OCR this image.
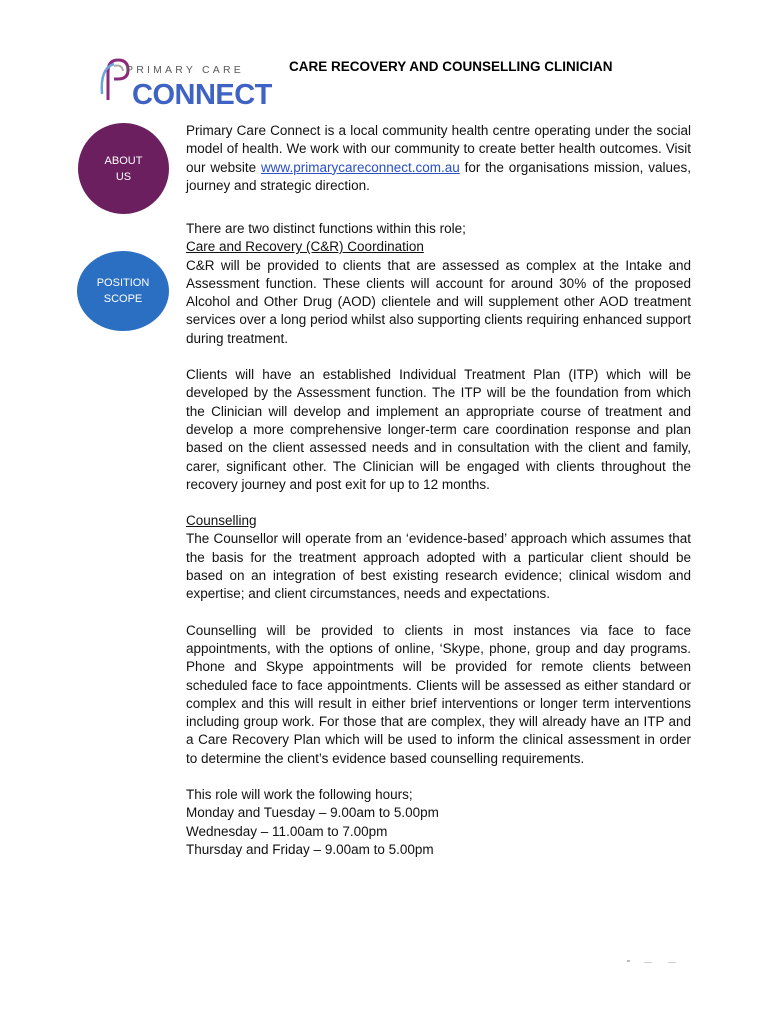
PRIMARY CARE
CONNECT
CARE RECOVERY AND COUNSELLING CLINICIAN
ABOUT
US
POSITION
SCOPE

Primary Care Connect is a local community health centre operating under the social model of health. We work with our community to create better health outcomes. Visit our website www.primarycareconnect.com.au for the organisations mission, values, journey and strategic direction.

There are two distinct functions within this role;

Care and Recovery (C&R) Coordination

C&R will be provided to clients that are assessed as complex at the Intake and Assessment function. These clients will account for around 30% of the proposed Alcohol and Other Drug (AOD) clientele and will supplement other AOD treatment services over a long period whilst also supporting clients requiring enhanced support during treatment.

Clients will have an established Individual Treatment Plan (ITP) which will be developed by the Assessment function. The ITP will be the foundation from which the Clinician will develop and implement an appropriate course of treatment and develop a more comprehensive longer-term care coordination response and plan based on the client assessed needs and in consultation with the client and family, carer, significant other. The Clinician will be engaged with clients throughout the recovery journey and post exit for up to 12 months.

Counselling

The Counsellor will operate from an ‘evidence-based’ approach which assumes that the basis for the treatment approach adopted with a particular client should be based on an integration of best existing research evidence; clinical wisdom and expertise; and client circumstances, needs and expectations.

Counselling will be provided to clients in most instances via face to face appointments, with the options of online, ‘Skype, phone, group and day programs. Phone and Skype appointments will be provided for remote clients between scheduled face to face appointments. Clients will be assessed as either standard or complex and this will result in either brief interventions or longer term interventions including group work. For those that are complex, they will already have an ITP and a Care Recovery Plan which will be used to inform the clinical assessment in order to determine the client’s evidence based counselling requirements.

This role will work the following hours;

Monday and Tuesday – 9.00am to 5.00pm

Wednesday – 11.00am to 7.00pm

Thursday and Friday – 9.00am to 5.00pm
